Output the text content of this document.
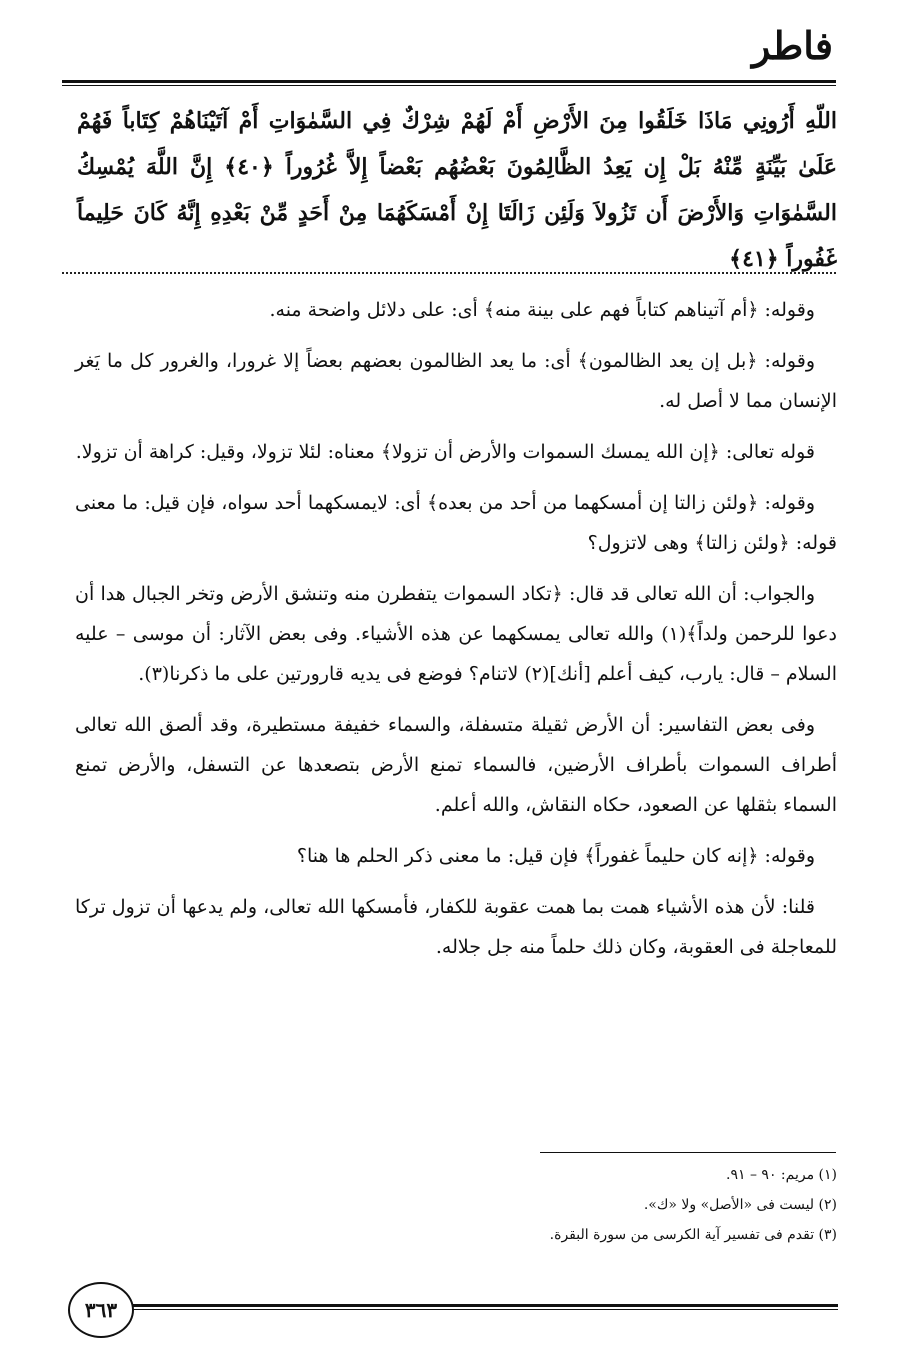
فاطر

اللّهِ أَرُونِي مَاذَا خَلَقُوا مِنَ الأَرْضِ أَمْ لَهُمْ شِرْكٌ فِي السَّمٰوَاتِ أَمْ آتَيْنَاهُمْ كِتَاباً فَهُمْ عَلَىٰ بَيِّنَةٍ مِّنْهُ بَلْ إِن يَعِدُ الظَّالِمُونَ بَعْضُهُم بَعْضاً إِلاَّ غُرُوراً ﴿٤٠﴾ إِنَّ اللَّهَ يُمْسِكُ السَّمٰوَاتِ وَالأَرْضَ أَن تَزُولاَ وَلَئِن زَالَتَا إِنْ أَمْسَكَهُمَا مِنْ أَحَدٍ مِّنْ بَعْدِهِ إِنَّهُ كَانَ حَلِيماً غَفُوراً ﴿٤١﴾

وقوله: ﴿أم آتيناهم كتاباً فهم على بينة منه﴾ أى: على دلائل واضحة منه.

وقوله: ﴿بل إن يعد الظالمون﴾ أى: ما يعد الظالمون بعضهم بعضاً إلا غرورا، والغرور كل ما يَغر الإنسان مما لا أصل له.

قوله تعالى: ﴿إن الله يمسك السموات والأرض أن تزولا﴾ معناه: لئلا تزولا، وقيل: كراهة أن تزولا.

وقوله: ﴿ولئن زالتا إن أمسكهما من أحد من بعده﴾ أى: لايمسكهما أحد سواه، فإن قيل: ما معنى قوله: ﴿ولئن زالتا﴾ وهى لاتزول؟

والجواب: أن الله تعالى قد قال: ﴿تكاد السموات يتفطرن منه وتنشق الأرض وتخر الجبال هدا أن دعوا للرحمن ولداً﴾(١) والله تعالى يمسكهما عن هذه الأشياء. وفى بعض الآثار: أن موسى – عليه السلام – قال: يارب، كيف أعلم [أنك](٢) لاتنام؟ فوضع فى يديه قارورتين على ما ذكرنا(٣).

وفى بعض التفاسير: أن الأرض ثقيلة متسفلة، والسماء خفيفة مستطيرة، وقد ألصق الله تعالى أطراف السموات بأطراف الأرضين، فالسماء تمنع الأرض بتصعدها عن التسفل، والأرض تمنع السماء بثقلها عن الصعود، حكاه النقاش، والله أعلم.

وقوله: ﴿إنه كان حليماً غفوراً﴾ فإن قيل: ما معنى ذكر الحلم ها هنا؟

قلنا: لأن هذه الأشياء همت بما همت عقوبة للكفار، فأمسكها الله تعالى، ولم يدعها أن تزول تركا للمعاجلة فى العقوبة، وكان ذلك حلماً منه جل جلاله.

(١) مريم: ٩٠ – ٩١.
(٢) ليست فى «الأصل» ولا «ك».
(٣) تقدم فى تفسير آية الكرسى من سورة البقرة.
٣٦٣
